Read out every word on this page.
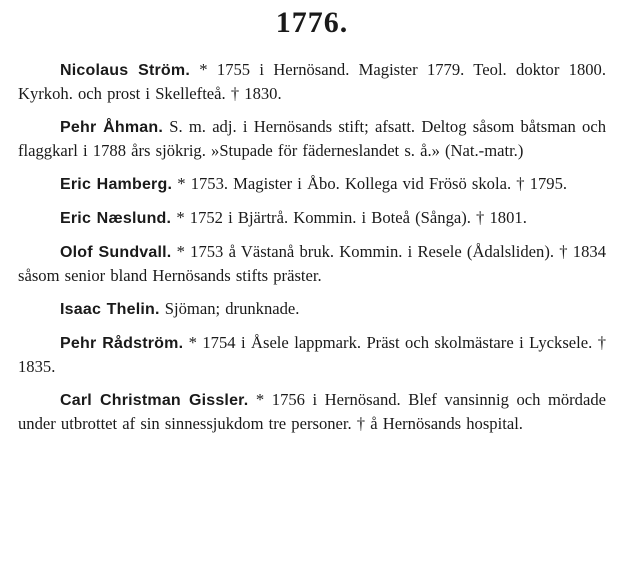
1776.

Nicolaus Ström. * 1755 i Hernösand. Magister 1779. Teol. doktor 1800. Kyrkoh. och prost i Skellefteå. † 1830.

Pehr Åhman. S. m. adj. i Hernösands stift; afsatt. Deltog såsom båtsman och flaggkarl i 1788 års sjökrig. »Stupade för fäderneslandet s. å.» (Nat.-matr.)

Eric Hamberg. * 1753. Magister i Åbo. Kollega vid Frösö skola. † 1795.

Eric Næslund. * 1752 i Bjärtrå. Kommin. i Boteå (Sånga). † 1801.

Olof Sundvall. * 1753 å Västanå bruk. Kommin. i Resele (Ådalsliden). † 1834 såsom senior bland Hernösands stifts präster.

Isaac Thelin. Sjöman; drunknade.

Pehr Rådström. * 1754 i Åsele lappmark. Präst och skolmästare i Lycksele. † 1835.

Carl Christman Gissler. * 1756 i Hernösand. Blef vansinnig och mördade under utbrottet af sin sinnessjukdom tre personer. † å Hernösands hospital.
